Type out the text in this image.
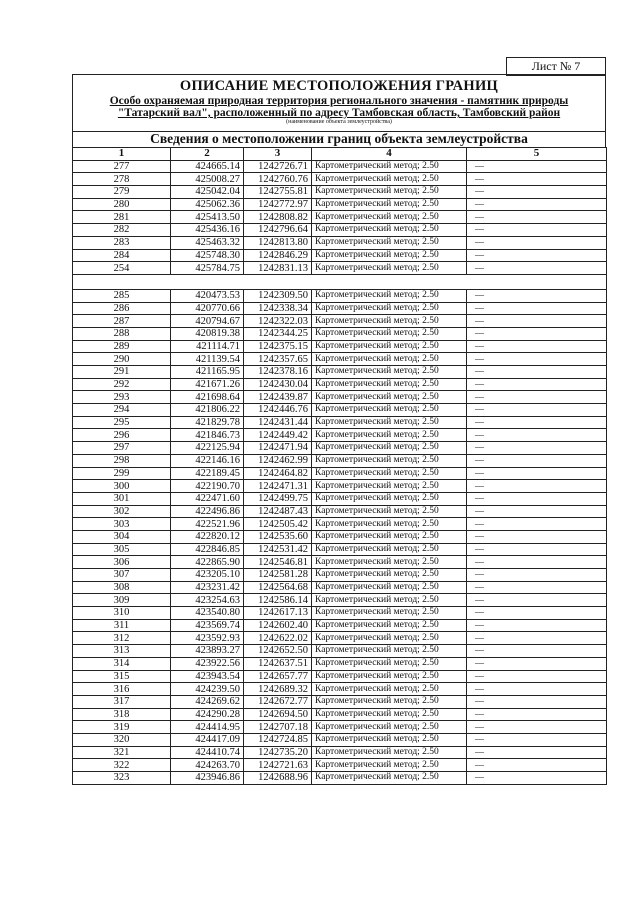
Лист № 7
ОПИСАНИЕ МЕСТОПОЛОЖЕНИЯ ГРАНИЦ
Особо охраняемая природная территория регионального значения - памятник природы
"Татарский вал", расположенный по адресу Тамбовская область, Тамбовский район
(наименование объекта землеустройства)
Сведения о местоположении границ объекта землеустройства
1	2	3	4	5
277	424665.14	1242726.71	Картометрический метод; 2.50	—
278	425008.27	1242760.76	Картометрический метод; 2.50	—
279	425042.04	1242755.81	Картометрический метод; 2.50	—
280	425062.36	1242772.97	Картометрический метод; 2.50	—
281	425413.50	1242808.82	Картометрический метод; 2.50	—
282	425436.16	1242796.64	Картометрический метод; 2.50	—
283	425463.32	1242813.80	Картометрический метод; 2.50	—
284	425748.30	1242846.29	Картометрический метод; 2.50	—
254	425784.75	1242831.13	Картометрический метод; 2.50	—

285	420473.53	1242309.50	Картометрический метод; 2.50	—
286	420770.66	1242338.34	Картометрический метод; 2.50	—
287	420794.67	1242322.03	Картометрический метод; 2.50	—
288	420819.38	1242344.25	Картометрический метод; 2.50	—
289	421114.71	1242375.15	Картометрический метод; 2.50	—
290	421139.54	1242357.65	Картометрический метод; 2.50	—
291	421165.95	1242378.16	Картометрический метод; 2.50	—
292	421671.26	1242430.04	Картометрический метод; 2.50	—
293	421698.64	1242439.87	Картометрический метод; 2.50	—
294	421806.22	1242446.76	Картометрический метод; 2.50	—
295	421829.78	1242431.44	Картометрический метод; 2.50	—
296	421846.73	1242449.42	Картометрический метод; 2.50	—
297	422125.94	1242471.94	Картометрический метод; 2.50	—
298	422146.16	1242462.99	Картометрический метод; 2.50	—
299	422189.45	1242464.82	Картометрический метод; 2.50	—
300	422190.70	1242471.31	Картометрический метод; 2.50	—
301	422471.60	1242499.75	Картометрический метод; 2.50	—
302	422496.86	1242487.43	Картометрический метод; 2.50	—
303	422521.96	1242505.42	Картометрический метод; 2.50	—
304	422820.12	1242535.60	Картометрический метод; 2.50	—
305	422846.85	1242531.42	Картометрический метод; 2.50	—
306	422865.90	1242546.81	Картометрический метод; 2.50	—
307	423205.10	1242581.28	Картометрический метод; 2.50	—
308	423231.42	1242564.68	Картометрический метод; 2.50	—
309	423254.63	1242586.14	Картометрический метод; 2.50	—
310	423540.80	1242617.13	Картометрический метод; 2.50	—
311	423569.74	1242602.40	Картометрический метод; 2.50	—
312	423592.93	1242622.02	Картометрический метод; 2.50	—
313	423893.27	1242652.50	Картометрический метод; 2.50	—
314	423922.56	1242637.51	Картометрический метод; 2.50	—
315	423943.54	1242657.77	Картометрический метод; 2.50	—
316	424239.50	1242689.32	Картометрический метод; 2.50	—
317	424269.62	1242672.77	Картометрический метод; 2.50	—
318	424290.28	1242694.50	Картометрический метод; 2.50	—
319	424414.95	1242707.18	Картометрический метод; 2.50	—
320	424417.09	1242724.85	Картометрический метод; 2.50	—
321	424410.74	1242735.20	Картометрический метод; 2.50	—
322	424263.70	1242721.63	Картометрический метод; 2.50	—
323	423946.86	1242688.96	Картометрический метод; 2.50	—
